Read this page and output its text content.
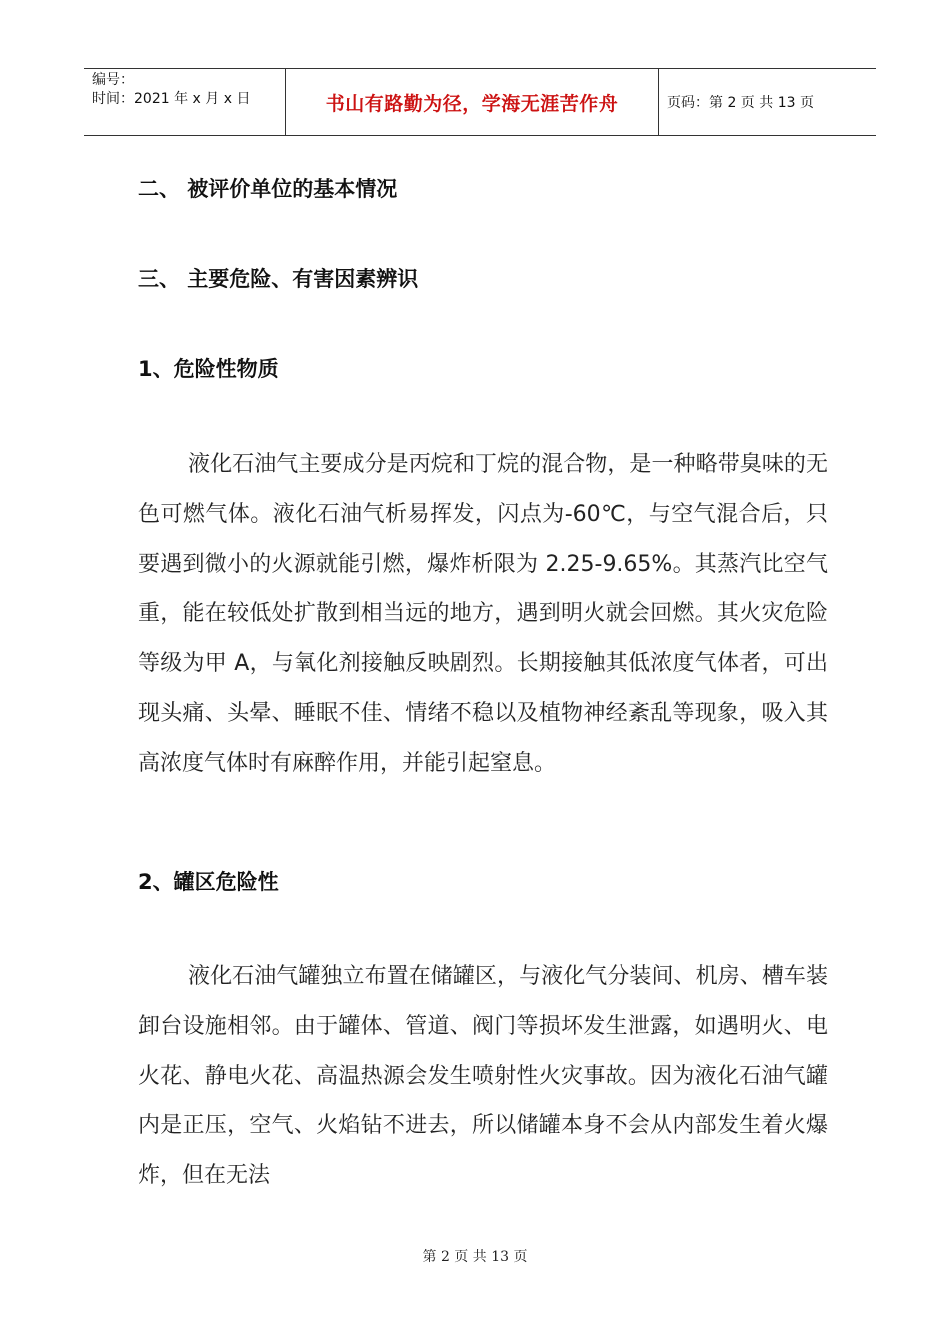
编号：
时间：2021 年 x 月 x 日	书山有路勤为径，学海无涯苦作舟	页码：第 2 页 共 13 页
二、 被评价单位的基本情况
三、 主要危险、有害因素辨识
1、危险性物质
液化石油气主要成分是丙烷和丁烷的混合物，是一种略带臭味的无色可燃气体。液化石油气析易挥发，闪点为-60℃，与空气混合后，只要遇到微小的火源就能引燃，爆炸析限为 2.25-9.65%。其蒸汽比空气重，能在较低处扩散到相当远的地方，遇到明火就会回燃。其火灾危险等级为甲 A，与氧化剂接触反映剧烈。长期接触其低浓度气体者，可出现头痛、头晕、睡眠不佳、情绪不稳以及植物神经紊乱等现象，吸入其高浓度气体时有麻醉作用，并能引起窒息。
2、罐区危险性
液化石油气罐独立布置在储罐区，与液化气分装间、机房、槽车装卸台设施相邻。由于罐体、管道、阀门等损坏发生泄露，如遇明火、电火花、静电火花、高温热源会发生喷射性火灾事故。因为液化石油气罐内是正压，空气、火焰钻不进去，所以储罐本身不会从内部发生着火爆炸，但在无法
第 2 页 共 13 页
